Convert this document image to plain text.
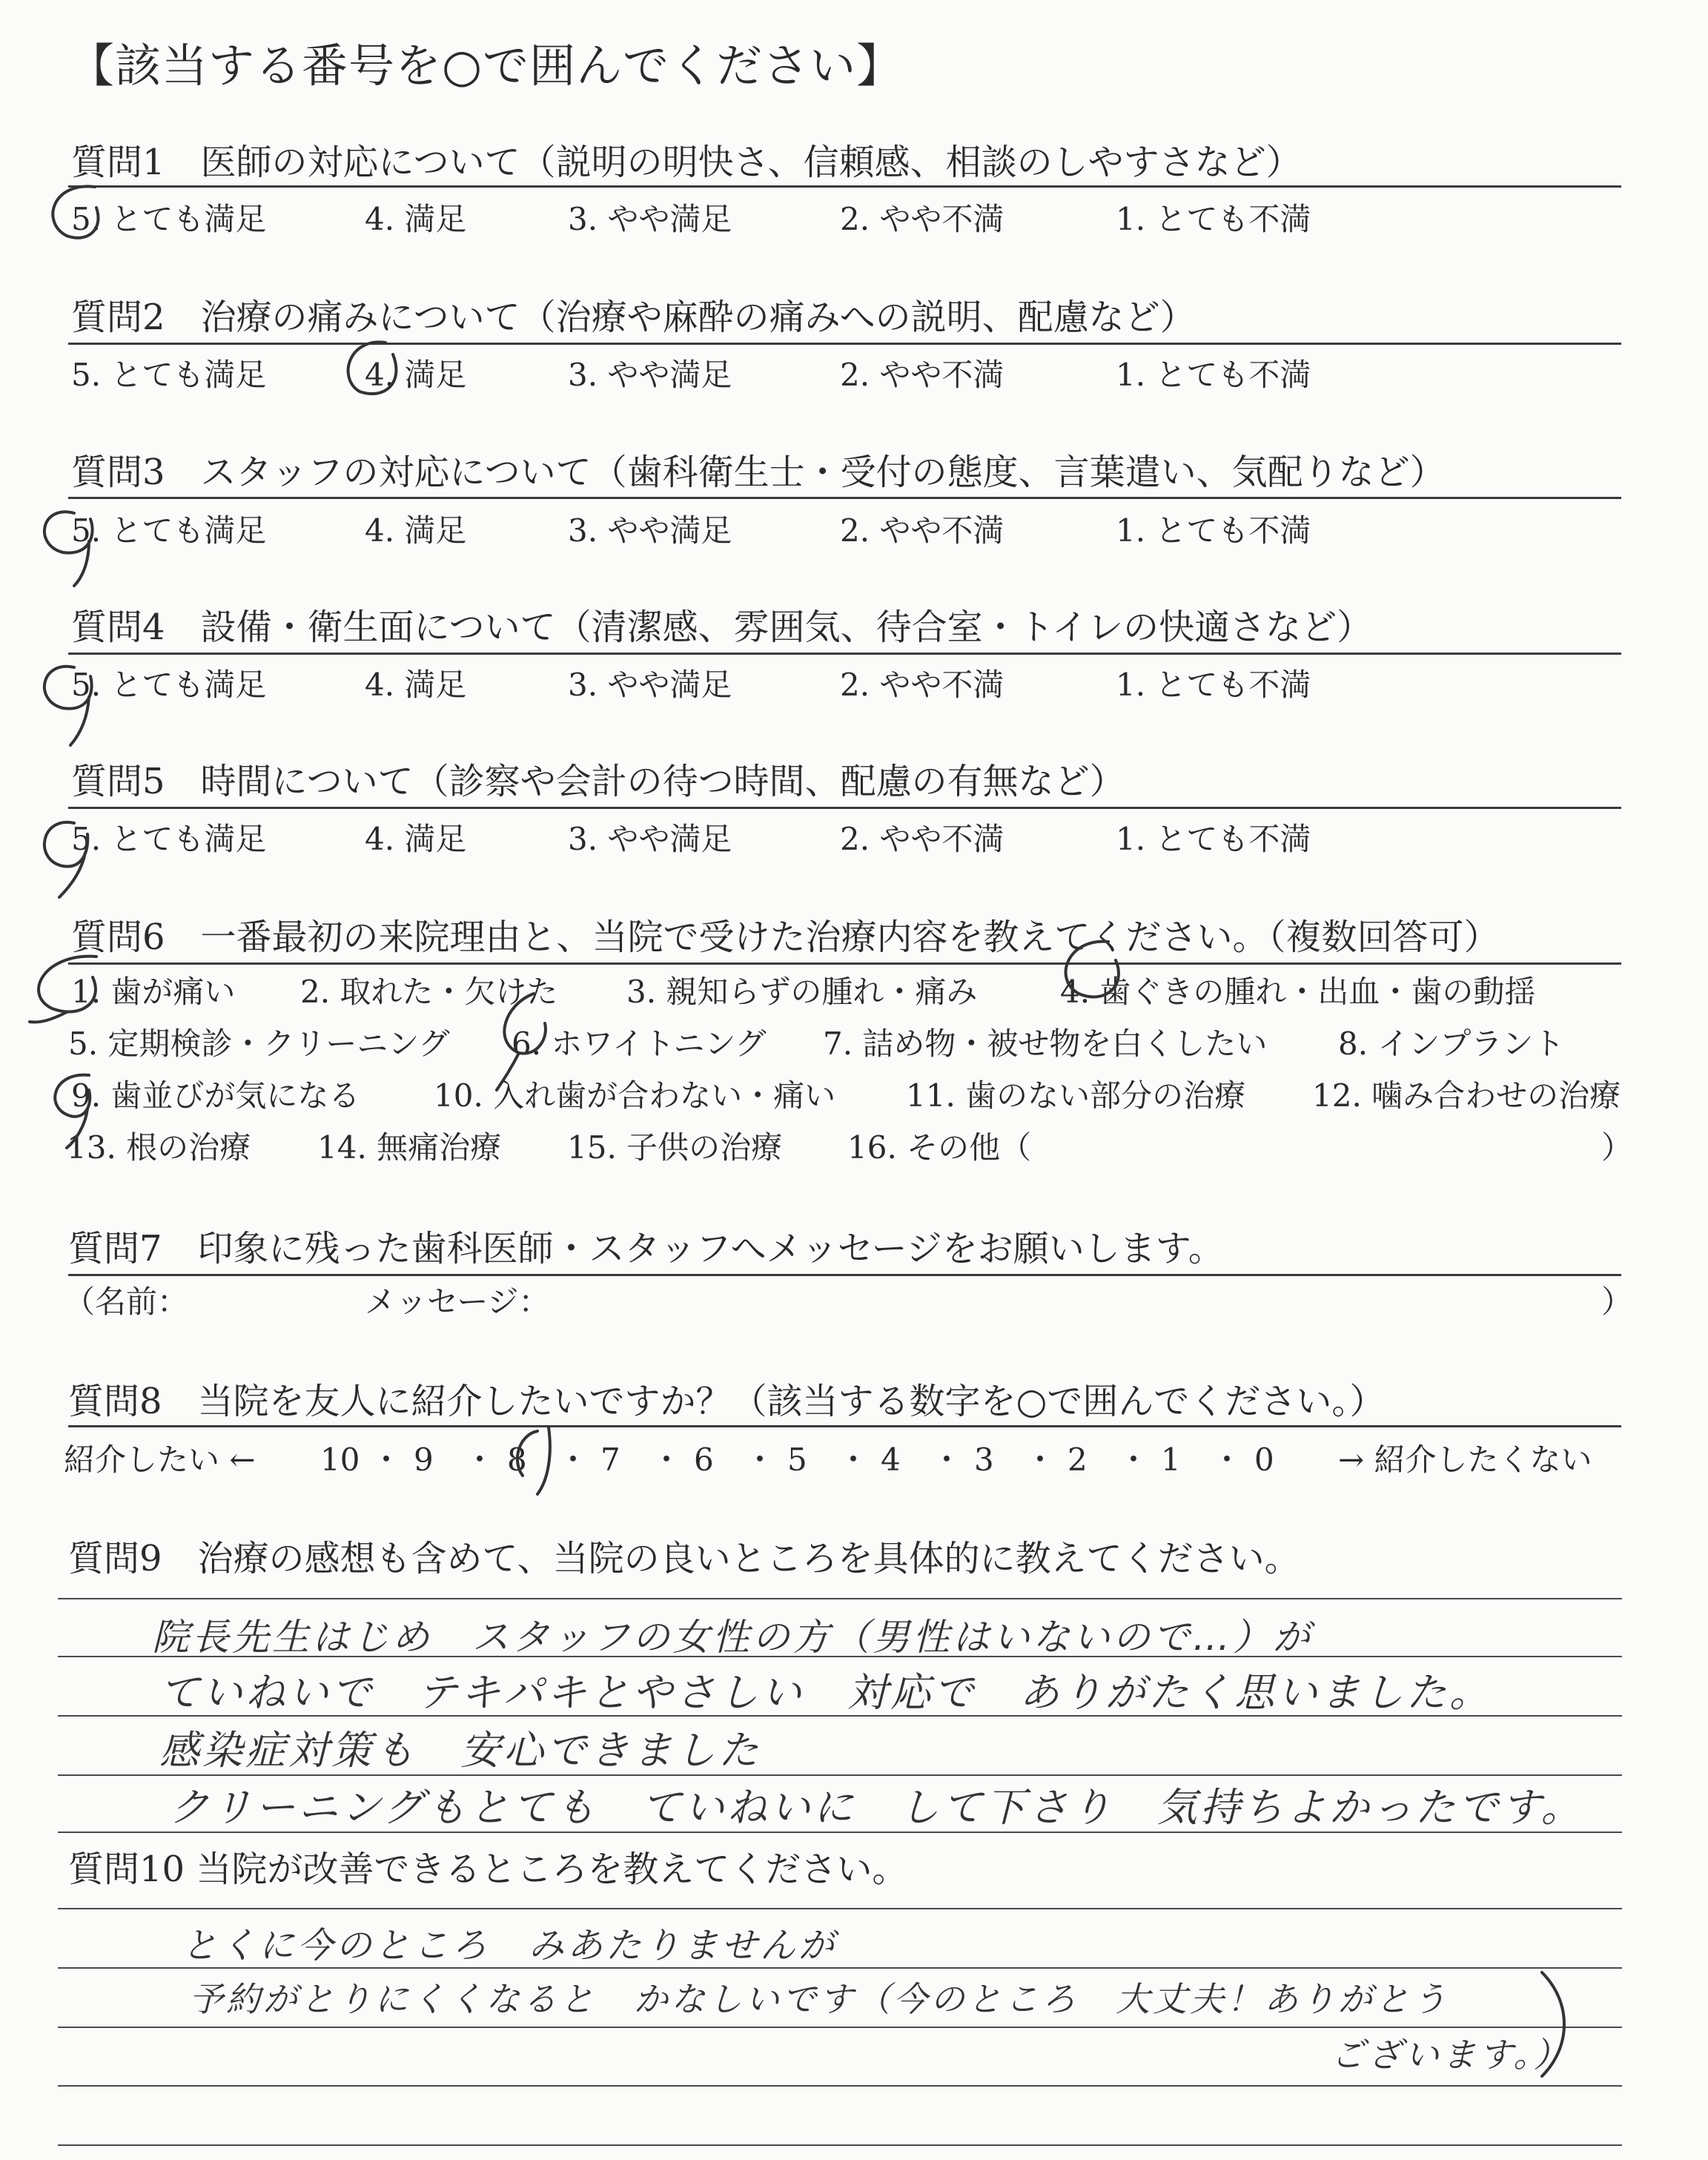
【該当する番号を○で囲んでください】
質問1　医師の対応について（説明の明快さ、信頼感、相談のしやすさなど）
5. とても満足	4. 満足	3. やや満足	2. やや不満	1. とても不満
質問2　治療の痛みについて（治療や麻酔の痛みへの説明、配慮など）
5. とても満足	4. 満足	3. やや満足	2. やや不満	1. とても不満
質問3　スタッフの対応について（歯科衛生士・受付の態度、言葉遣い、気配りなど）
5. とても満足	4. 満足	3. やや満足	2. やや不満	1. とても不満
質問4　設備・衛生面について（清潔感、雰囲気、待合室・トイレの快適さなど）
5. とても満足	4. 満足	3. やや満足	2. やや不満	1. とても不満
質問5　時間について（診察や会計の待つ時間、配慮の有無など）
5. とても満足	4. 満足	3. やや満足	2. やや不満	1. とても不満
質問6　一番最初の来院理由と、当院で受けた治療内容を教えてください。（複数回答可）
1. 歯が痛い 2. 取れた・欠けた 3. 親知らずの腫れ・痛み	4. 歯ぐきの腫れ・出血・歯の動揺
5. 定期検診・クリーニング 6. ホワイトニング 7. 詰め物・被せ物を白くしたい 8. インプラント
9. 歯並びが気になる 10. 入れ歯が合わない・痛い 11. 歯のない部分の治療 12. 噛み合わせの治療
13. 根の治療 14. 無痛治療 15. 子供の治療 16. その他（	）
質問7　印象に残った歯科医師・スタッフへメッセージをお願いします。
（名前：	メッセージ：	）
質問8　当院を友人に紹介したいですか？（該当する数字を○で囲んでください。）
紹介したい ← 10 ・ 9 ・ 8 ・ 7 ・ 6 ・ 5 ・ 4 ・ 3 ・ 2 ・ 1 ・ 0 → 紹介したくない
質問9　治療の感想も含めて、当院の良いところを具体的に教えてください。
院長先生はじめ　スタッフの女性の方（男性はいないので…）が
ていねいで　テキパキとやさしい　対応で　ありがたく思いました。
感染症対策も　安心できました
クリーニングもとても　ていねいに　して下さり　気持ちよかったです。
質問10 当院が改善できるところを教えてください。
とくに今のところ　みあたりませんが
予約がとりにくくなると　かなしいです（今のところ　大丈夫！ありがとう
ございます。）
